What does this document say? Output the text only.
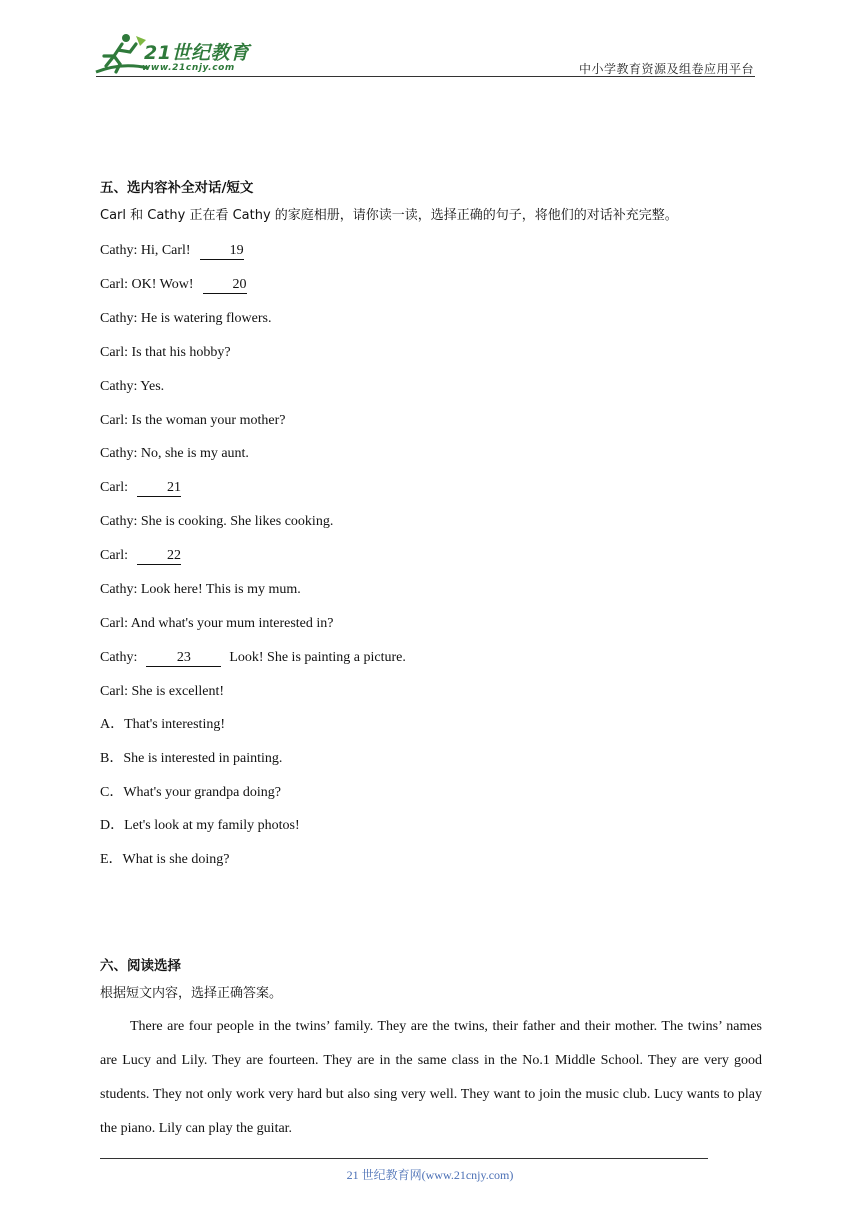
21世纪教育
www.21cnjy.com	中小学教育资源及组卷应用平台
五、选内容补全对话/短文
Carl 和 Cathy 正在看 Cathy 的家庭相册，请你读一读，选择正确的句子，将他们的对话补充完整。
Cathy: Hi, Carl!	19
Carl: OK! Wow!	20
Cathy: He is watering flowers.
Carl: Is that his hobby?
Cathy: Yes.
Carl: Is the woman your mother?
Cathy: No, she is my aunt.
Carl:	21
Cathy: She is cooking. She likes cooking.
Carl:	22
Cathy: Look here! This is my mum.
Carl: And what's your mum interested in?
Cathy:	23	Look! She is painting a picture.
Carl: She is excellent!
A．That's interesting!
B．She is interested in painting.
C．What's your grandpa doing?
D．Let's look at my family photos!
E．What is she doing?
六、阅读选择
根据短文内容，选择正确答案。
There are four people in the twins’ family. They are the twins, their father and their mother. The twins’ names are Lucy and Lily. They are fourteen. They are in the same class in the No.1 Middle School. They are very good students. They not only work very hard but also sing very well. They want to join the music club. Lucy wants to play the piano. Lily can play the guitar.
21 世纪教育网(www.21cnjy.com)
